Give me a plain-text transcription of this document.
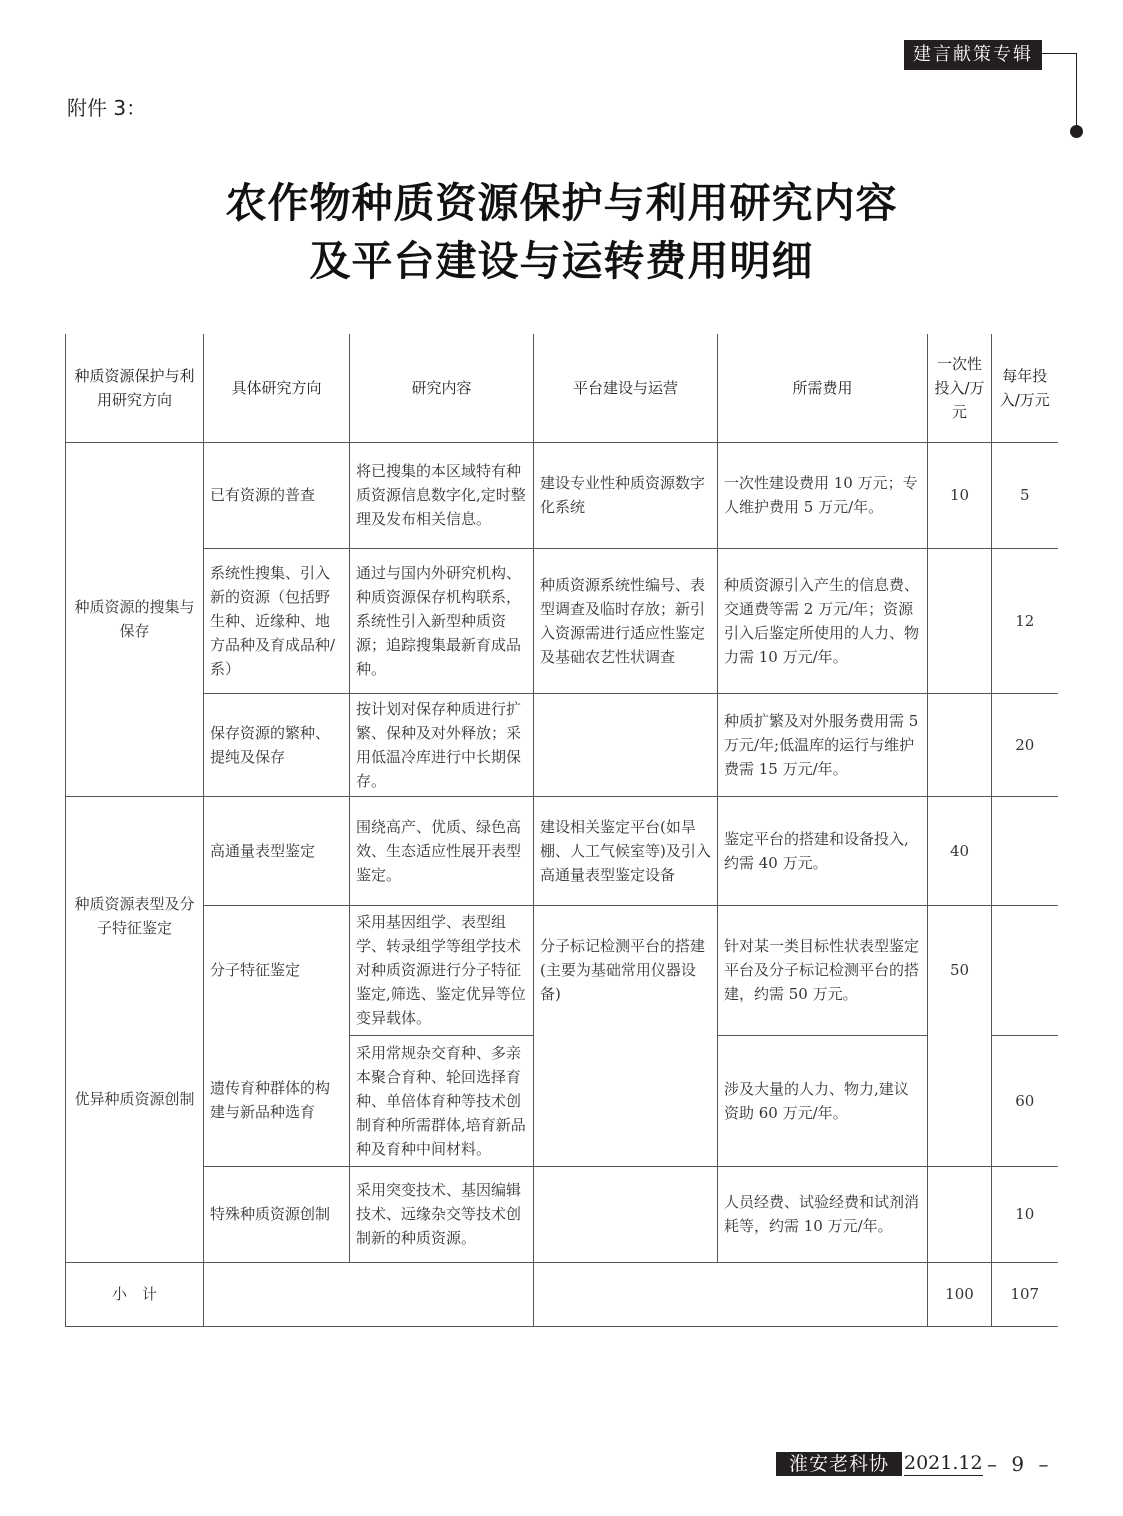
建言献策专辑
附件 3：
农作物种质资源保护与利用研究内容
及平台建设与运转费用明细
种质资源保护与利用研究方向	具体研究方向	研究内容	平台建设与运营	所需费用	一次性投入/万元	每年投入/万元
种质资源的搜集与保存	已有资源的普查	将已搜集的本区域特有种质资源信息数字化,定时整理及发布相关信息。	建设专业性种质资源数字化系统	一次性建设费用 10 万元；专人维护费用 5 万元/年。	10	5
	系统性搜集、引入新的资源（包括野生种、近缘种、地方品种及育成品种/系）	通过与国内外研究机构、种质资源保存机构联系，系统性引入新型种质资源；追踪搜集最新育成品种。	种质资源系统性编号、表型调查及临时存放；新引入资源需进行适应性鉴定及基础农艺性状调查	种质资源引入产生的信息费、交通费等需 2 万元/年；资源引入后鉴定所使用的人力、物力需 10 万元/年。		12
	保存资源的繁种、提纯及保存	按计划对保存种质进行扩繁、保种及对外释放；采用低温冷库进行中长期保存。		种质扩繁及对外服务费用需 5 万元/年;低温库的运行与维护费需 15 万元/年。		20
种质资源表型及分子特征鉴定	高通量表型鉴定	围绕高产、优质、绿色高效、生态适应性展开表型鉴定。	建设相关鉴定平台(如旱棚、人工气候室等)及引入高通量表型鉴定设备	鉴定平台的搭建和设备投入,约需 40 万元。	40	
	分子特征鉴定	采用基因组学、表型组学、转录组学等组学技术对种质资源进行分子特征鉴定,筛选、鉴定优异等位变异载体。	分子标记检测平台的搭建(主要为基础常用仪器设备)	针对某一类目标性状表型鉴定平台及分子标记检测平台的搭建，约需 50 万元。	50	
优异种质资源创制	遗传育种群体的构建与新品种选育	采用常规杂交育种、多亲本聚合育种、轮回选择育种、单倍体育种等技术创制育种所需群体,培育新品种及育种中间材料。		涉及大量的人力、物力,建议资助 60 万元/年。		60
	特殊种质资源创制	采用突变技术、基因编辑技术、远缘杂交等技术创制新的种质资源。		人员经费、试验经费和试剂消耗等，约需 10 万元/年。		10
小　计					100	107
淮安老科协 2021.12 – 9 –
